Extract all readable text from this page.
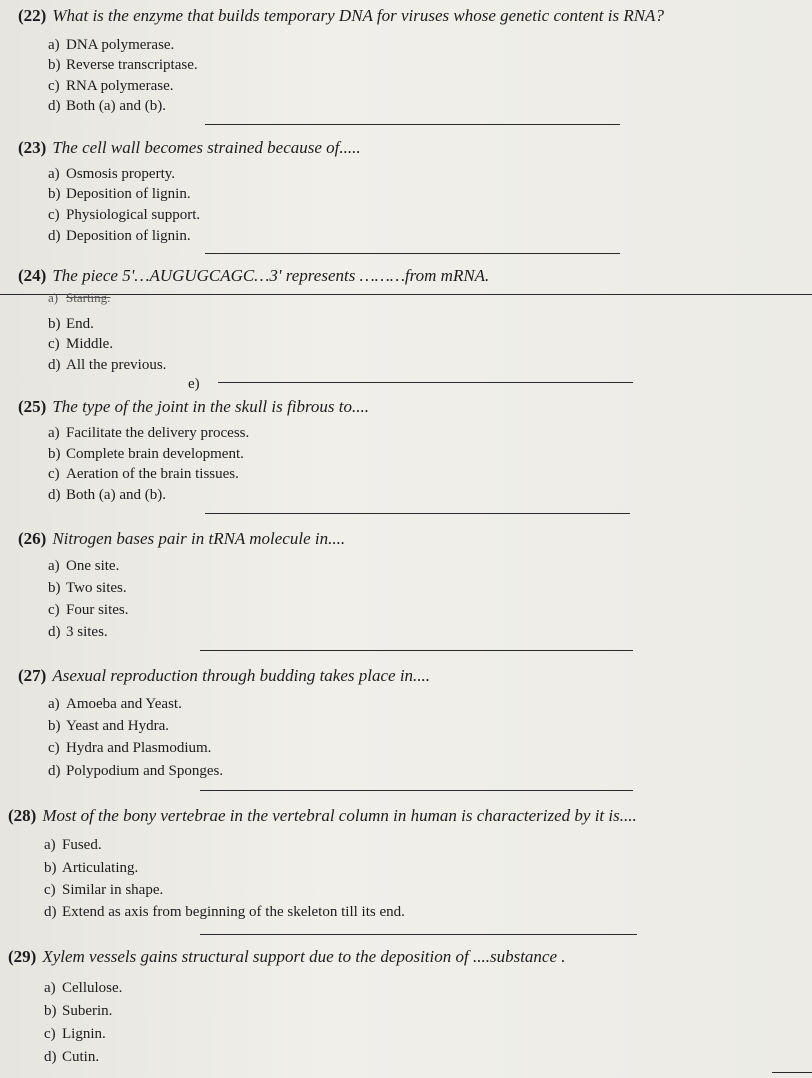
(22) What is the enzyme that builds temporary DNA for viruses whose genetic content is RNA?
a) DNA polymerase.
b) Reverse transcriptase.
c) RNA polymerase.
d) Both (a) and (b).
(23) The cell wall becomes strained because of.....
a) Osmosis property.
b) Deposition of lignin.
c) Physiological support.
d) Deposition of lignin.
(24) The piece 5'…AUGUGCAGC…3' represents ………from mRNA.
a) Starting.
b) End.
c) Middle.
d) All the previous.
e)
(25) The type of the joint in the skull is fibrous to....
a) Facilitate the delivery process.
b) Complete brain development.
c) Aeration of the brain tissues.
d) Both (a) and (b).
(26) Nitrogen bases pair in tRNA molecule in....
a) One site.
b) Two sites.
c) Four sites.
d) 3 sites.
(27) Asexual reproduction through budding takes place in....
a) Amoeba and Yeast.
b) Yeast and Hydra.
c) Hydra and Plasmodium.
d) Polypodium and Sponges.
(28) Most of the bony vertebrae in the vertebral column in human is characterized by it is....
a) Fused.
b) Articulating.
c) Similar in shape.
d) Extend as axis from beginning of the skeleton till its end.
(29) Xylem vessels gains structural support due to the deposition of ....substance .
a) Cellulose.
b) Suberin.
c) Lignin.
d) Cutin.
